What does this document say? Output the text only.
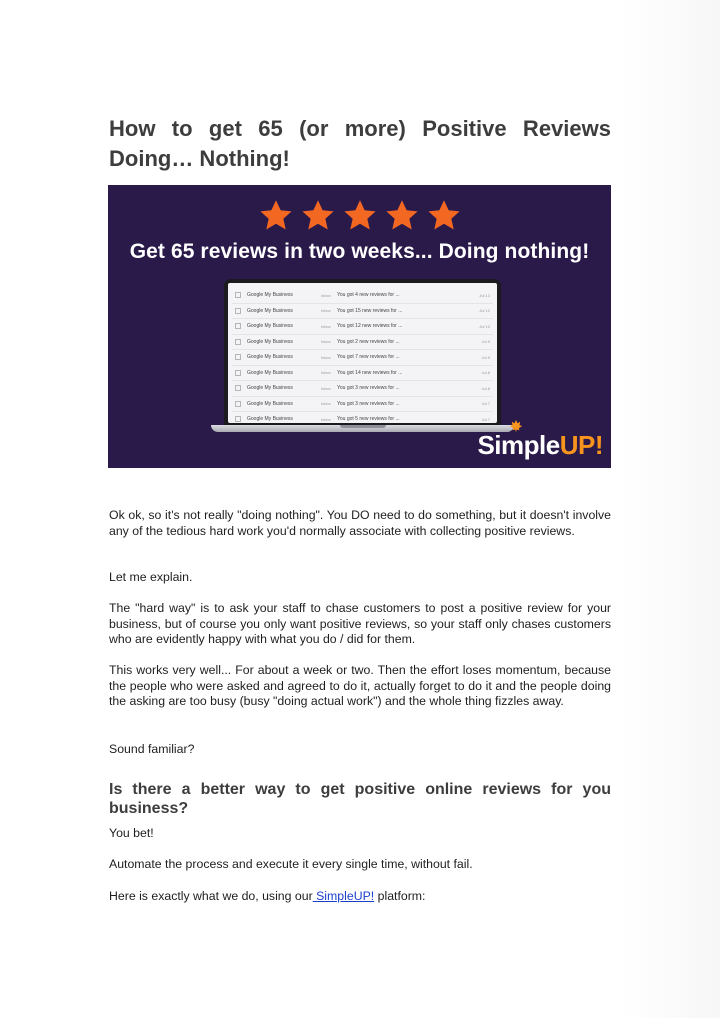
How to get 65 (or more) Positive Reviews Doing… Nothing!
Get 65 reviews in two weeks... Doing nothing!
Google My Business	Inbox	You got 4 new reviews for ...	Jul 13
Google My Business	Inbox	You got 15 new reviews for ...	Jul 12
Google My Business	Inbox	You got 12 new reviews for ...	Jul 10
Google My Business	Inbox	You got 2 new reviews for ...	Jul 9
Google My Business	Inbox	You got 7 new reviews for ...	Jul 9
Google My Business	Inbox	You got 14 new reviews for ...	Jul 8
Google My Business	Inbox	You got 3 new reviews for ...	Jul 8
Google My Business	Inbox	You got 3 new reviews for ...	Jul 7
Google My Business	Inbox	You got 5 new reviews for ...	Jul 7
SimpleUP!

Ok ok, so it's not really "doing nothing". You DO need to do something, but it doesn't involve any of the tedious hard work you'd normally associate with collecting positive reviews.

Let me explain.

The "hard way" is to ask your staff to chase customers to post a positive review for your business, but of course you only want positive reviews, so your staff only chases customers who are evidently happy with what you do / did for them.

This works very well... For about a week or two. Then the effort loses momentum, because the people who were asked and agreed to do it, actually forget to do it and the people doing the asking are too busy (busy "doing actual work") and the whole thing fizzles away.

Sound familiar?

Is there a better way to get positive online reviews for you business?

You bet!

Automate the process and execute it every single time, without fail.

Here is exactly what we do, using our SimpleUP! platform:
